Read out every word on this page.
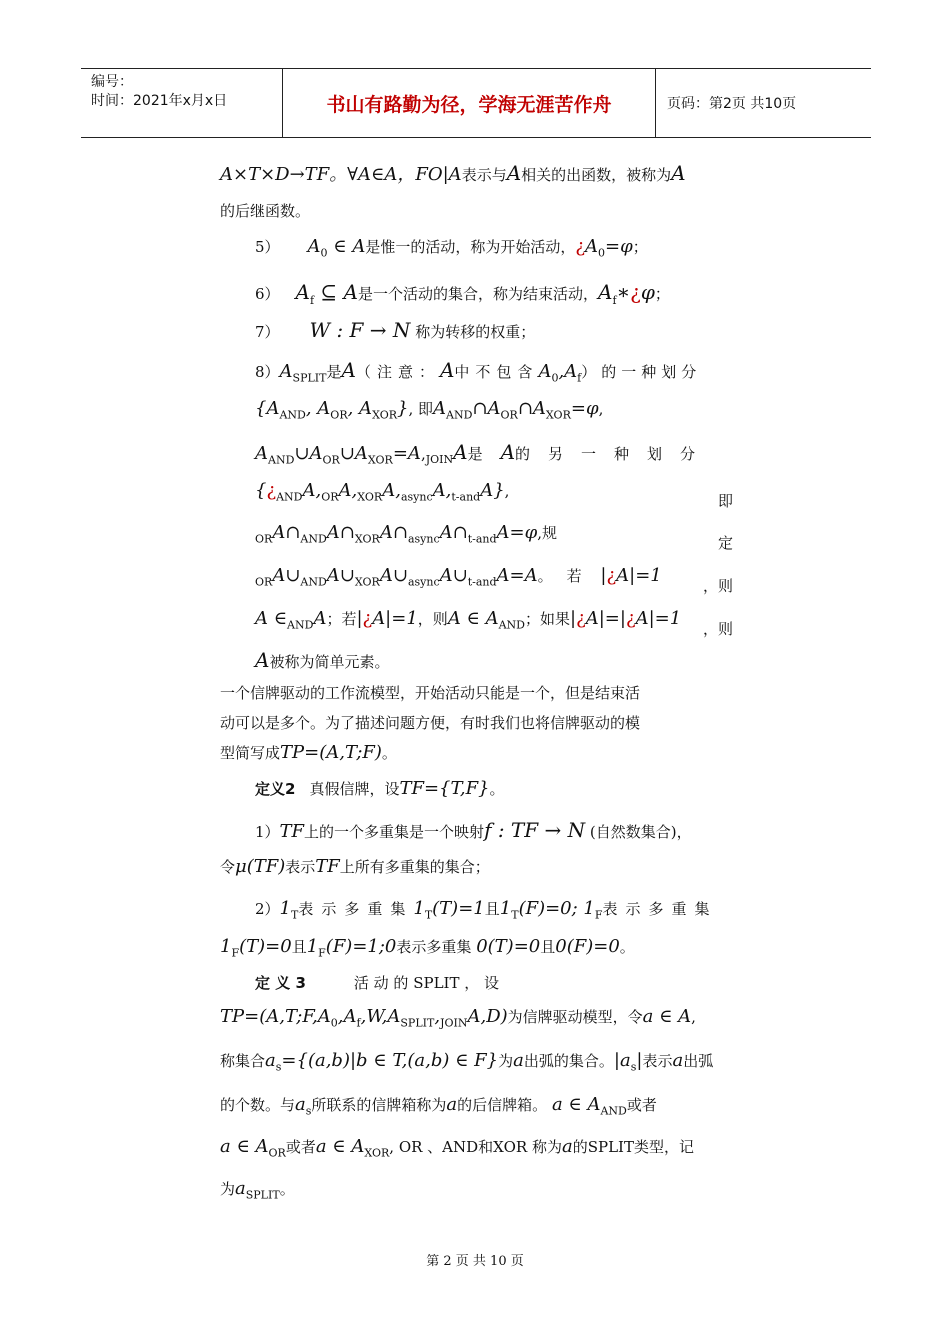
编号：
时间：2021年x月x日	书山有路勤为径，学海无涯苦作舟	页码：第2页 共10页
A×T×D→TF。∀A∈A，FO|A表示与A相关的出函数，被称为A
的后继函数。
5） $A_0$ ∈ A是惟一的活动，称为开始活动，¿$A_0=\varphi$；
6） $A_f$ ⊆ A是一个活动的集合，称为结束活动，$A_f∗¿\varphi$；
7） W : F → N 称为转移的权重；
$8)A_{SPLIT}$是A（注意：A中不包含$A_0,A_f$）的一种划分
{$A_{AND}$, $A_{OR}$, $A_{XOR}$}, 即$A_{AND}\cap A_{OR}\cap A_{XOR}=\varphi$,
$A_{AND}\cup A_{OR}\cup A_{XOR}=A,_{JOIN}A$是 A的另一种划分
$\{¿_{AND}A,_{OR}A,_{XOR}A,_{async}A,_{t-and}A\}$,
即
$_{OR}A\cap_{AND}A\cap_{XOR}A\cap_{async}A\cap_{t-and}A=\varphi$,规
定
$_{OR}A\cup_{AND}A\cup_{XOR}A\cup_{async}A\cup_{t-and}A=A$。若 |¿A|=1	，则
A $\in_{AND}A$；若|¿A|=1，则A ∈ $A_{AND}$；如果|¿A|=|¿A|=1 ，则
A被称为简单元素。
一个信牌驱动的工作流模型，开始活动只能是一个，但是结束活
动可以是多个。为了描述问题方便，有时我们也将信牌驱动的模
型简写成TP=(A,T;F)。
定义2 真假信牌，设TF={T,F}。
1）TF上的一个多重集是一个映射f : TF → N (自然数集合)，
令μ(TF)表示TF上所有多重集的集合；
$2)1_T$表示多重集$1_T(T)=1$且$1_T(F)=0$; $1_F$表示多重集
$1_F(T)=0$且$1_F(F)=1;0$表示多重集 0(T)=0且0(F)=0。
定 义 3	活 动 的 SPLIT ， 设
$TP=(A,T;F,A_0,A_f,W,A_{SPLIT},_{JOIN}A,D)$为信牌驱动模型，令a ∈ A,
称集合$a_s=\{(a,b)|b$ ∈ T,(a,b) ∈ F}为a出弧的集合。$|a_s|$表示a出弧
的个数。与$a_s$所联系的信牌箱称为a的后信牌箱。 a ∈ $A_{AND}$或者
a ∈ $A_{OR}$或者a ∈ $A_{XOR}$, OR 、AND和XOR 称为a的SPLIT类型，记
为$a_{SPLIT}$。
第 2 页 共 10 页
